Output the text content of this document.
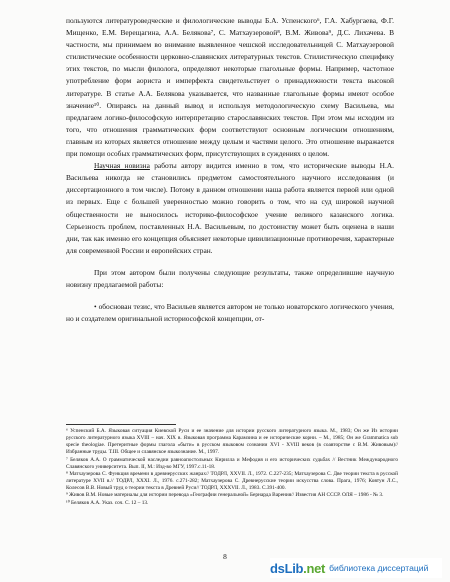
пользуются литературоведческие и филологические выводы Б.А. Успенского⁶, Г.А. Хабургаева, Ф.Г. Мищенко, Е.М. Верещагина, А.А. Белякова⁷, С. Матхаузеровой⁸, В.М. Живова⁹, Д.С. Лихачева. В частности, мы принимаем во внимание выявленное чешской исследовательницей С. Матхаузеровой стилистические особенности церковно-славянских литературных текстов. Стилистическую специфику этих текстов, по мысли филолога, определяют некоторые глагольные формы. Например, частотное употребление форм аориста и имперфекта свидетельствует о принадлежности текста высокой литературе. В статье А.А. Белякова указывается, что названные глагольные формы имеют особое значение¹⁰. Опираясь на данный вывод и используя методологическую схему Васильева, мы предлагаем логико-философскую интерпретацию старославянских текстов. При этом мы исходим из того, что отношения грамматических форм соответствуют основным логическим отношениям, главным из которых является отношение между целым и частями целого. Это отношение выражается при помощи особых грамматических форм, присутствующих в суждениях о целом.

Научная новизна работы автору видится именно в том, что исторические выводы Н.А. Васильева никогда не становились предметом самостоятельного научного исследования (и диссертационного в том числе). Потому в данном отношении наша работа является первой или одной из первых. Еще с большей уверенностью можно говорить о том, что на суд широкой научной общественности не выносилось историко-философское учение великого казанского логика. Серьезность проблем, поставленных Н.А. Васильевым, по достоинству может быть оценена в наши дни, так как именно его концепция объясняет некоторые цивилизационные противоречия, характерные для современной России и европейских стран.

При этом автором были получены следующие результаты, также определившие научную новизну предлагаемой работы:

• обоснован тезис, что Васильев является автором не только новаторского логического учения, но и создателем оригинальной историософской концепции, от-

⁶ Успенский Б.А. Языковая ситуация Киевской Руси и ее значение для истории русского литературного языка. М., 1983; Он же Из истории русского литературного языка XVIII – нач. XIX в. Языковая программа Карамзина и ее исторические корни. – М., 1985; Он же Grammatica sub specie theologiae. Претеритные формы глагола «быти» в русском языковом сознании XVI - XVIII веков (в соавторстве с В.М. Живовым)// Избранные труды. Т.III. Общее и славянское языкознание. М., 1997.

⁷ Беляков А.А. О грамматической наследии равноапостольных Кирилла и Мефодия и его исторических судьбах // Вестник Международного Славянского университета. Вып. II, М.: Изд-во МГУ, 1997.с.11-18.

⁸ Матхаузерова С. Функция времени в древнерусских жанрах// ТОДРЛ, XXVII. Л., 1972. С.227-235; Матхаузерова С. Две теории текста в русской литературе XVII в.// ТОДРЛ, XXXI. Л., 1976. с.271-282; Матхаузерова С. Древнерусские теории искусства слова. Прага, 1976; Ковтун Л.С., Колесов В.В. Новый труд о теории текста в Древней Руси// ТОДРЛ, XXXVII. Л., 1983. С.391-400.

⁹ Живов В.М. Новые материалы для истории перевода «Географии генеральной» Бернарда Варения// Известия АН СССР. ОЛЯ – 1986 - № 3.

¹⁰ Беляков А.А. Указ. соч. С. 12 – 13.

8
dsLib.net библиотека диссертаций
